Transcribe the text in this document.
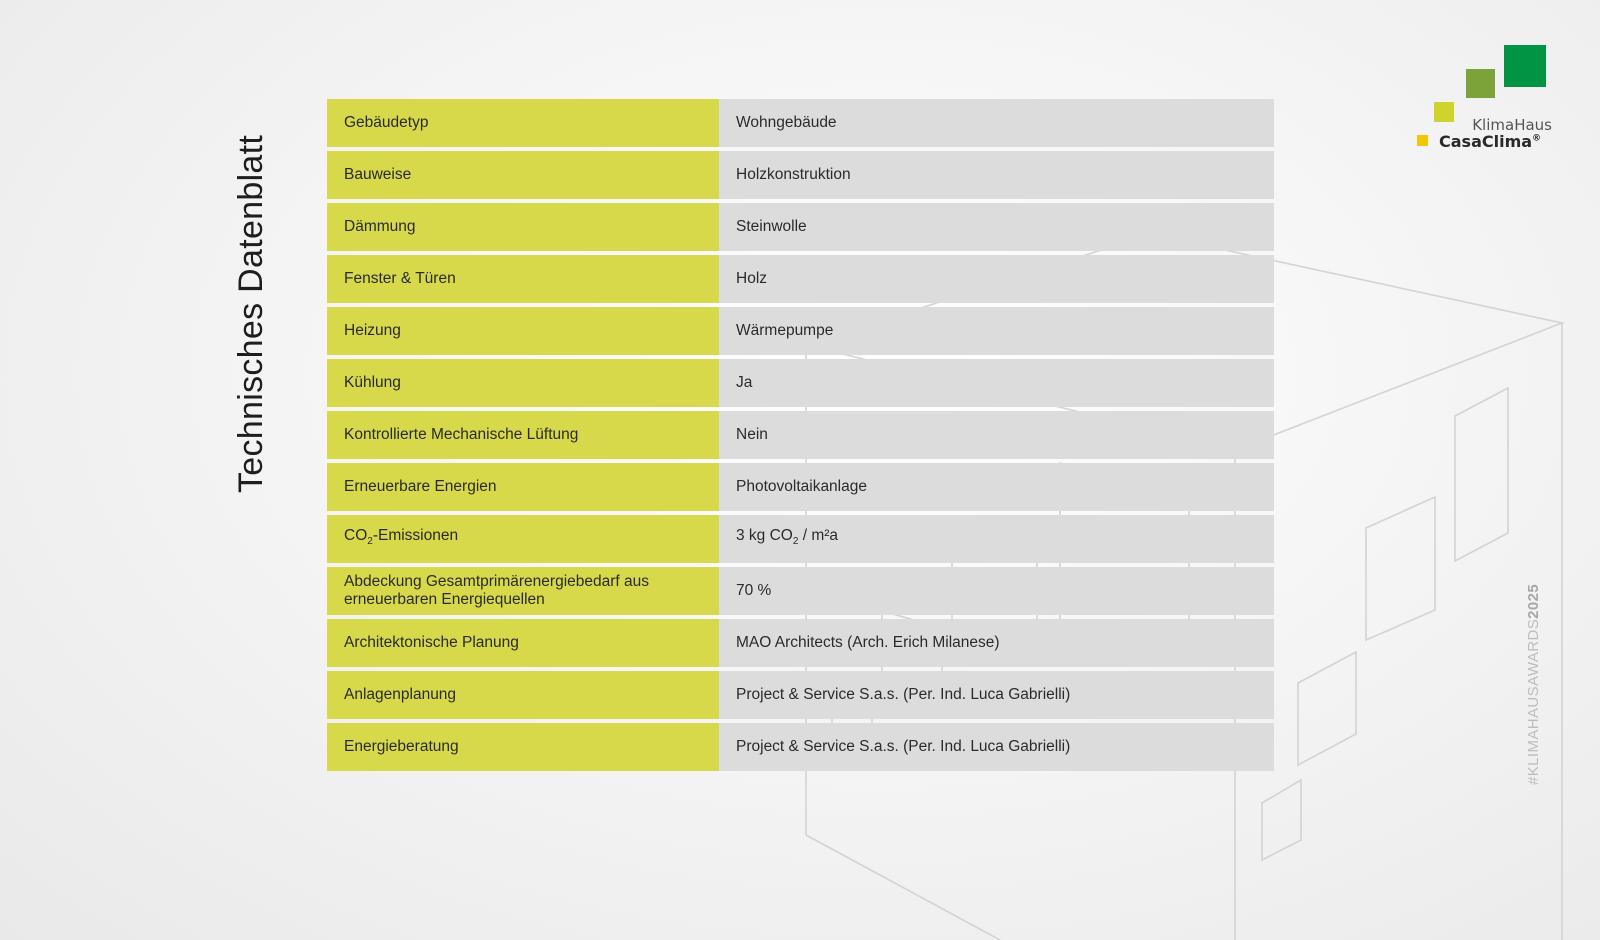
Technisches Datenblatt
Gebäudetyp	Wohngebäude
Bauweise	Holzkonstruktion
Dämmung	Steinwolle
Fenster & Türen	Holz
Heizung	Wärmepumpe
Kühlung	Ja
Kontrollierte Mechanische Lüftung	Nein
Erneuerbare Energien	Photovoltaikanlage
$CO_2$-Emissionen	3 kg $CO_2 / m^2a$
Abdeckung Gesamtprimärenergiebedarf aus erneuerbaren Energiequellen	70 %
Architektonische Planung	MAO Architects (Arch. Erich Milanese)
Anlagenplanung	Project & Service S.a.s. (Per. Ind. Luca Gabrielli)
Energieberatung	Project & Service S.a.s. (Per. Ind. Luca Gabrielli)
KlimaHaus
CasaClima®
#KLIMAHAUSAWARDS2025
